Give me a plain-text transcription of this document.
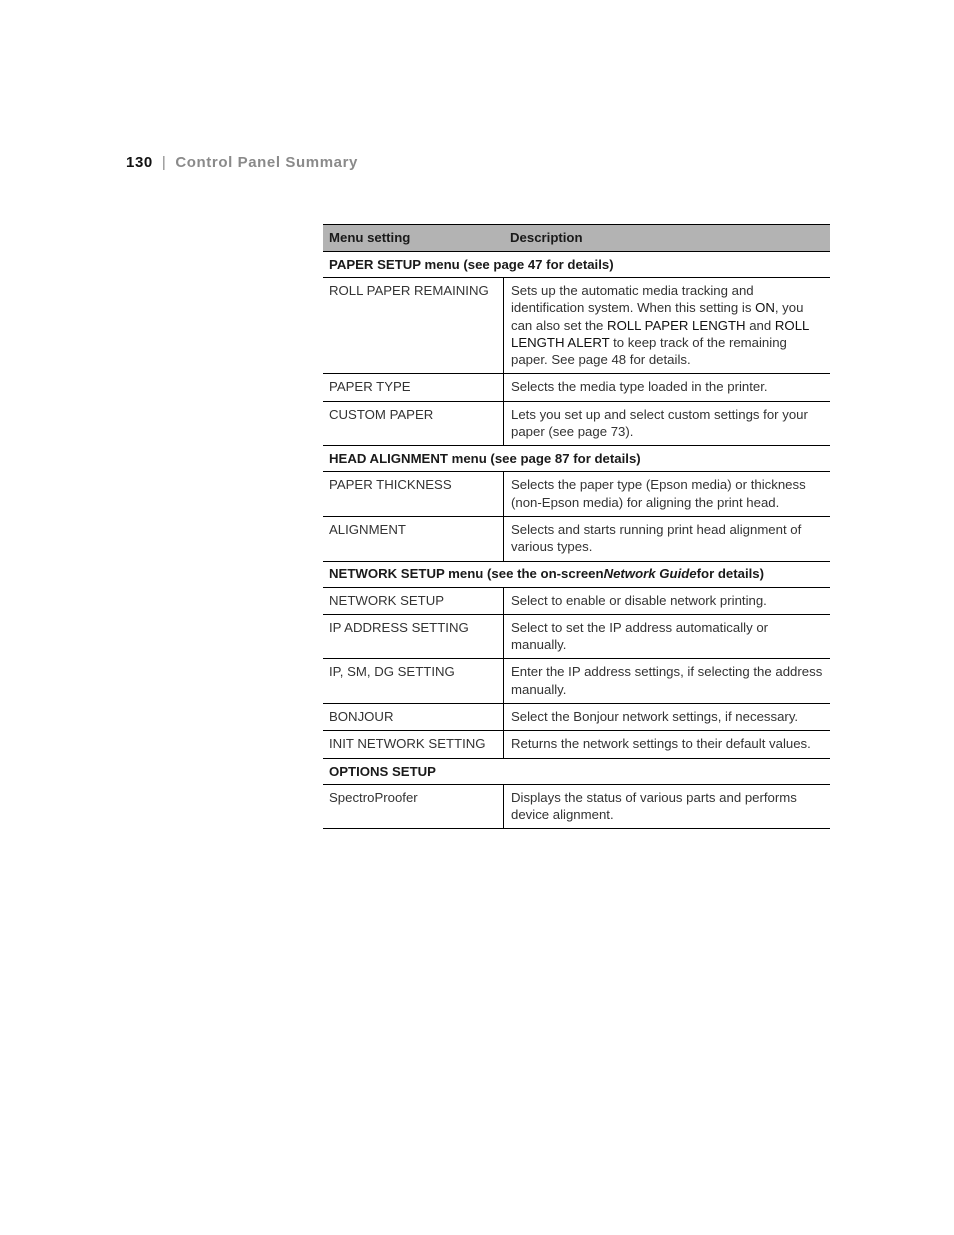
130 | Control Panel Summary
Menu setting	Description
PAPER SETUP menu (see page 47 for details)
ROLL PAPER REMAINING	Sets up the automatic media tracking and identification system. When this setting is ON, you can also set the ROLL PAPER LENGTH and ROLL LENGTH ALERT to keep track of the remaining paper. See page 48 for details.
PAPER TYPE	Selects the media type loaded in the printer.
CUSTOM PAPER	Lets you set up and select custom settings for your paper (see page 73).
HEAD ALIGNMENT menu (see page 87 for details)
PAPER THICKNESS	Selects the paper type (Epson media) or thickness (non-Epson media) for aligning the print head.
ALIGNMENT	Selects and starts running print head alignment of various types.
NETWORK SETUP menu (see the on-screen Network Guide for details)
NETWORK SETUP	Select to enable or disable network printing.
IP ADDRESS SETTING	Select to set the IP address automatically or manually.
IP, SM, DG SETTING	Enter the IP address settings, if selecting the address manually.
BONJOUR	Select the Bonjour network settings, if necessary.
INIT NETWORK SETTING	Returns the network settings to their default values.
OPTIONS SETUP
SpectroProofer	Displays the status of various parts and performs device alignment.
